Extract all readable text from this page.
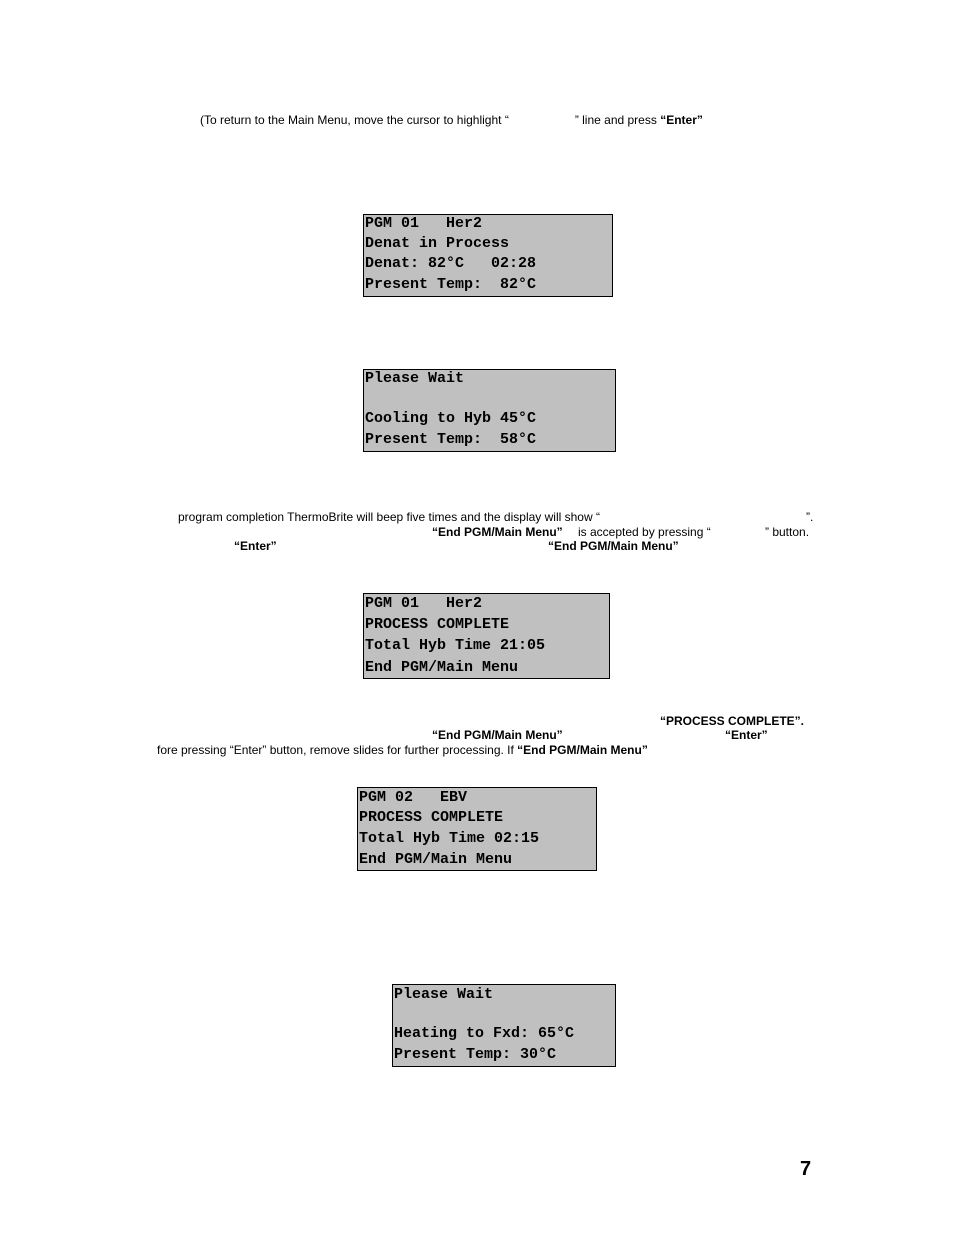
(To return to the Main Menu, move the cursor to highlight “	” line and press “Enter”
PGM 01   Her2
Denat in Process
Denat: 82°C   02:28
Present Temp:  82°C
Please Wait
Cooling to Hyb 45°C
Present Temp:  58°C
program completion ThermoBrite will beep five times and the display will show “	”.
“End PGM/Main Menu” is accepted by pressing “	” button.
“Enter”	“End PGM/Main Menu”
PGM 01   Her2
PROCESS COMPLETE
Total Hyb Time 21:05
End PGM/Main Menu
“PROCESS COMPLETE”.
“End PGM/Main Menu”	“Enter”
fore pressing “Enter” button, remove slides for further processing. If “End PGM/Main Menu”
PGM 02   EBV
PROCESS COMPLETE
Total Hyb Time 02:15
End PGM/Main Menu
Please Wait
Heating to Fxd: 65°C
Present Temp: 30°C
7
